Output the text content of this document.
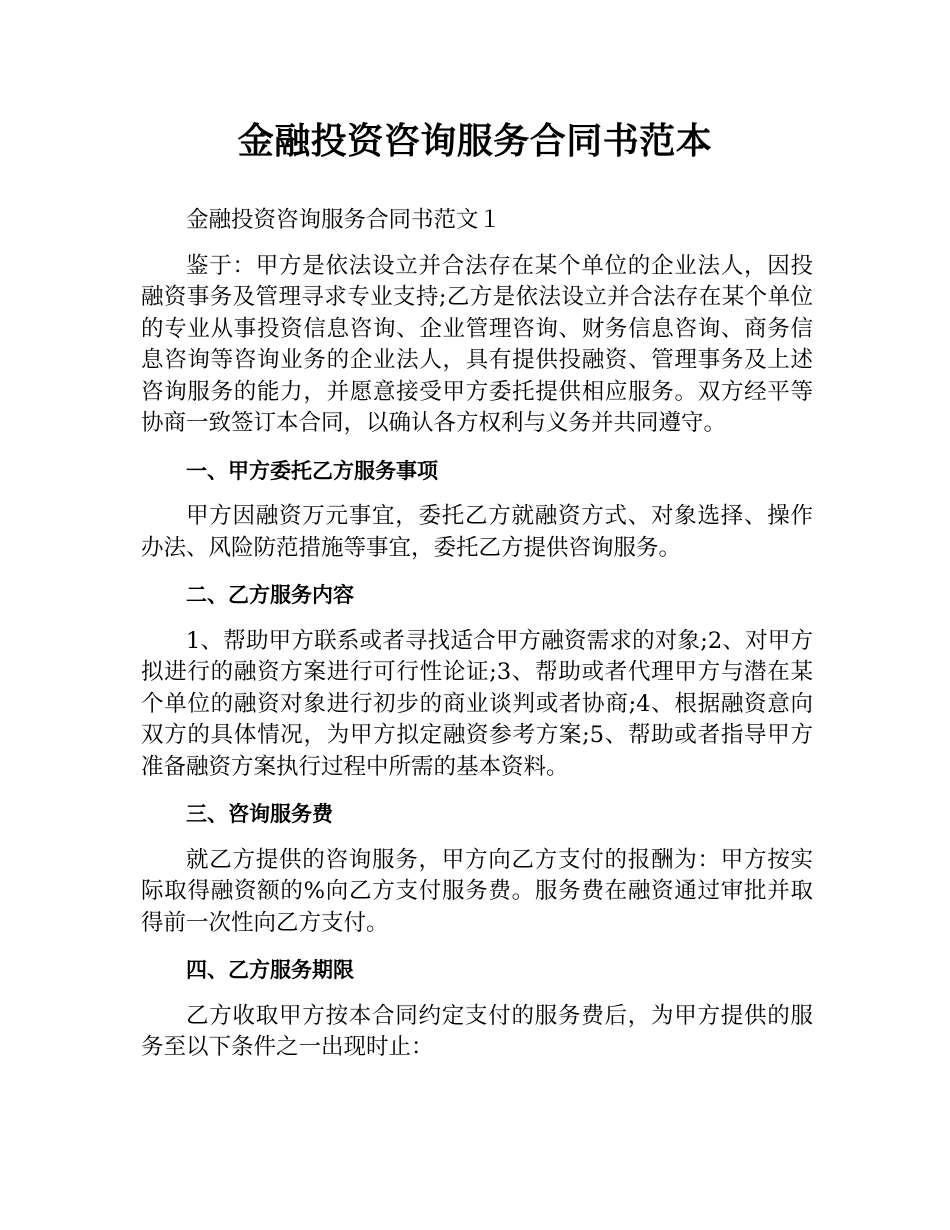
金融投资咨询服务合同书范本

金融投资咨询服务合同书范文１

鉴于：甲方是依法设立并合法存在某个单位的企业法人，因投融资事务及管理寻求专业支持;乙方是依法设立并合法存在某个单位的专业从事投资信息咨询、企业管理咨询、财务信息咨询、商务信息咨询等咨询业务的企业法人，具有提供投融资、管理事务及上述咨询服务的能力，并愿意接受甲方委托提供相应服务。双方经平等协商一致签订本合同，以确认各方权利与义务并共同遵守。

一、甲方委托乙方服务事项

甲方因融资万元事宜，委托乙方就融资方式、对象选择、操作办法、风险防范措施等事宜，委托乙方提供咨询服务。

二、乙方服务内容

1、帮助甲方联系或者寻找适合甲方融资需求的对象;2、对甲方拟进行的融资方案进行可行性论证;3、帮助或者代理甲方与潜在某个单位的融资对象进行初步的商业谈判或者协商;4、根据融资意向双方的具体情况，为甲方拟定融资参考方案;5、帮助或者指导甲方准备融资方案执行过程中所需的基本资料。

三、咨询服务费

就乙方提供的咨询服务，甲方向乙方支付的报酬为：甲方按实际取得融资额的%向乙方支付服务费。服务费在融资通过审批并取得前一次性向乙方支付。

四、乙方服务期限

乙方收取甲方按本合同约定支付的服务费后，为甲方提供的服务至以下条件之一出现时止：
